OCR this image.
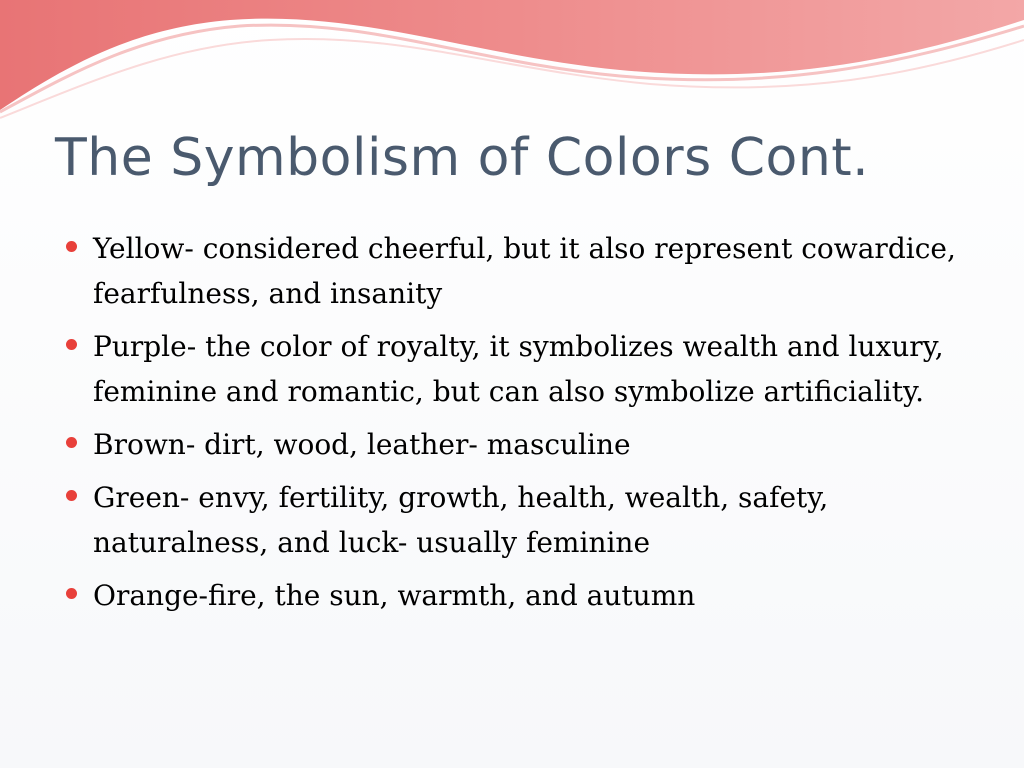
The Symbolism of Colors Cont.
Yellow- considered cheerful, but it also represent cowardice, fearfulness, and insanity
Purple- the color of royalty, it symbolizes wealth and luxury, feminine and romantic, but can also symbolize artificiality.
Brown- dirt, wood, leather- masculine
Green- envy, fertility, growth, health, wealth, safety, naturalness, and luck- usually feminine
Orange-fire, the sun, warmth, and autumn
